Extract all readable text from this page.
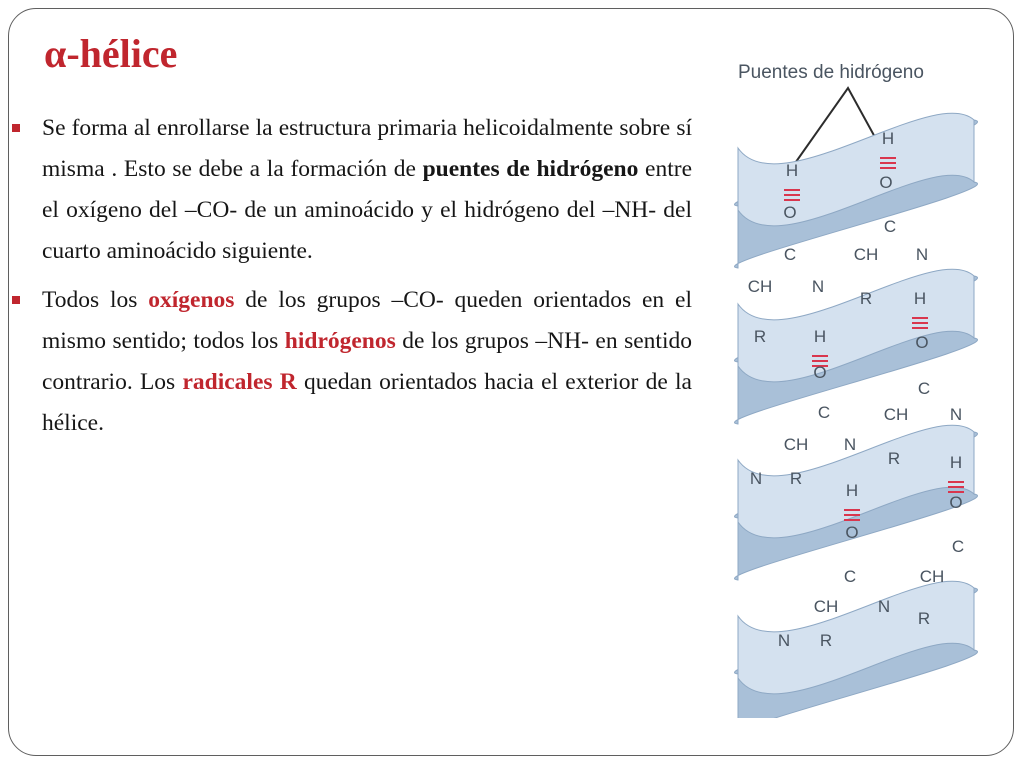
α-hélice
Se forma al enrollarse la estructura primaria helicoidalmente sobre sí misma . Esto se debe a la formación de puentes de hidrógeno entre el oxígeno del –CO- de un aminoácido y el hidrógeno del –NH- del cuarto aminoácido siguiente.
Todos los oxígenos de los grupos –CO- queden orientados en el mismo sentido; todos los hidrógenos de los grupos –NH- en sentido contrario. Los radicales R quedan orientados hacia el exterior de la hélice.
Puentes de hidrógeno
H
O
C
CH N
R
H
O
C
CH N
R H
H
O
C
CH N
R
N
O
C
CH N
R
H
O
C
CH N
R
N
H
O
C
CH
R
